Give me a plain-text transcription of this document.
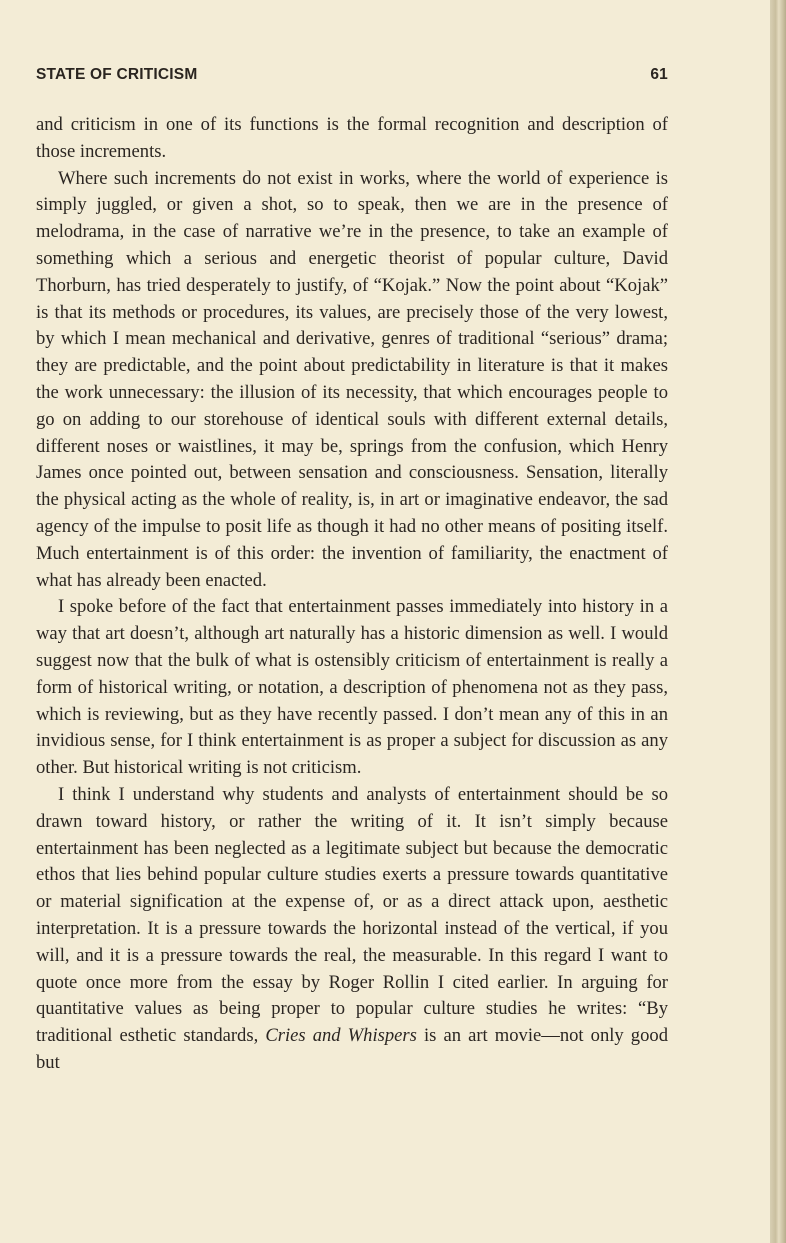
STATE OF CRITICISM	61

and criticism in one of its functions is the formal recognition and description of those increments.

Where such increments do not exist in works, where the world of experience is simply juggled, or given a shot, so to speak, then we are in the presence of melodrama, in the case of narrative we’re in the presence, to take an example of something which a serious and energetic theorist of popular culture, David Thorburn, has tried desperately to justify, of “Kojak.” Now the point about “Kojak” is that its methods or procedures, its values, are precisely those of the very lowest, by which I mean mechanical and derivative, genres of traditional “serious” drama; they are predictable, and the point about predictability in literature is that it makes the work unnecessary: the illusion of its necessity, that which encourages people to go on adding to our storehouse of identical souls with different external details, different noses or waistlines, it may be, springs from the confusion, which Henry James once pointed out, between sensation and consciousness. Sensation, literally the physical acting as the whole of reality, is, in art or imaginative endeavor, the sad agency of the impulse to posit life as though it had no other means of positing itself. Much entertainment is of this order: the invention of familiarity, the enactment of what has already been enacted.

I spoke before of the fact that entertainment passes immediately into history in a way that art doesn’t, although art naturally has a historic dimension as well. I would suggest now that the bulk of what is ostensibly criticism of entertainment is really a form of historical writing, or notation, a description of phenomena not as they pass, which is reviewing, but as they have recently passed. I don’t mean any of this in an invidious sense, for I think entertainment is as proper a subject for discussion as any other. But historical writing is not criticism.

I think I understand why students and analysts of entertainment should be so drawn toward history, or rather the writing of it. It isn’t simply because entertainment has been neglected as a legitimate subject but because the democratic ethos that lies behind popular culture studies exerts a pressure towards quantitative or material signification at the expense of, or as a direct attack upon, aesthetic interpretation. It is a pressure towards the horizontal instead of the vertical, if you will, and it is a pressure towards the real, the measurable. In this regard I want to quote once more from the essay by Roger Rollin I cited earlier. In arguing for quantitative values as being proper to popular culture studies he writes: “By traditional esthetic standards, Cries and Whispers is an art movie—not only good but
